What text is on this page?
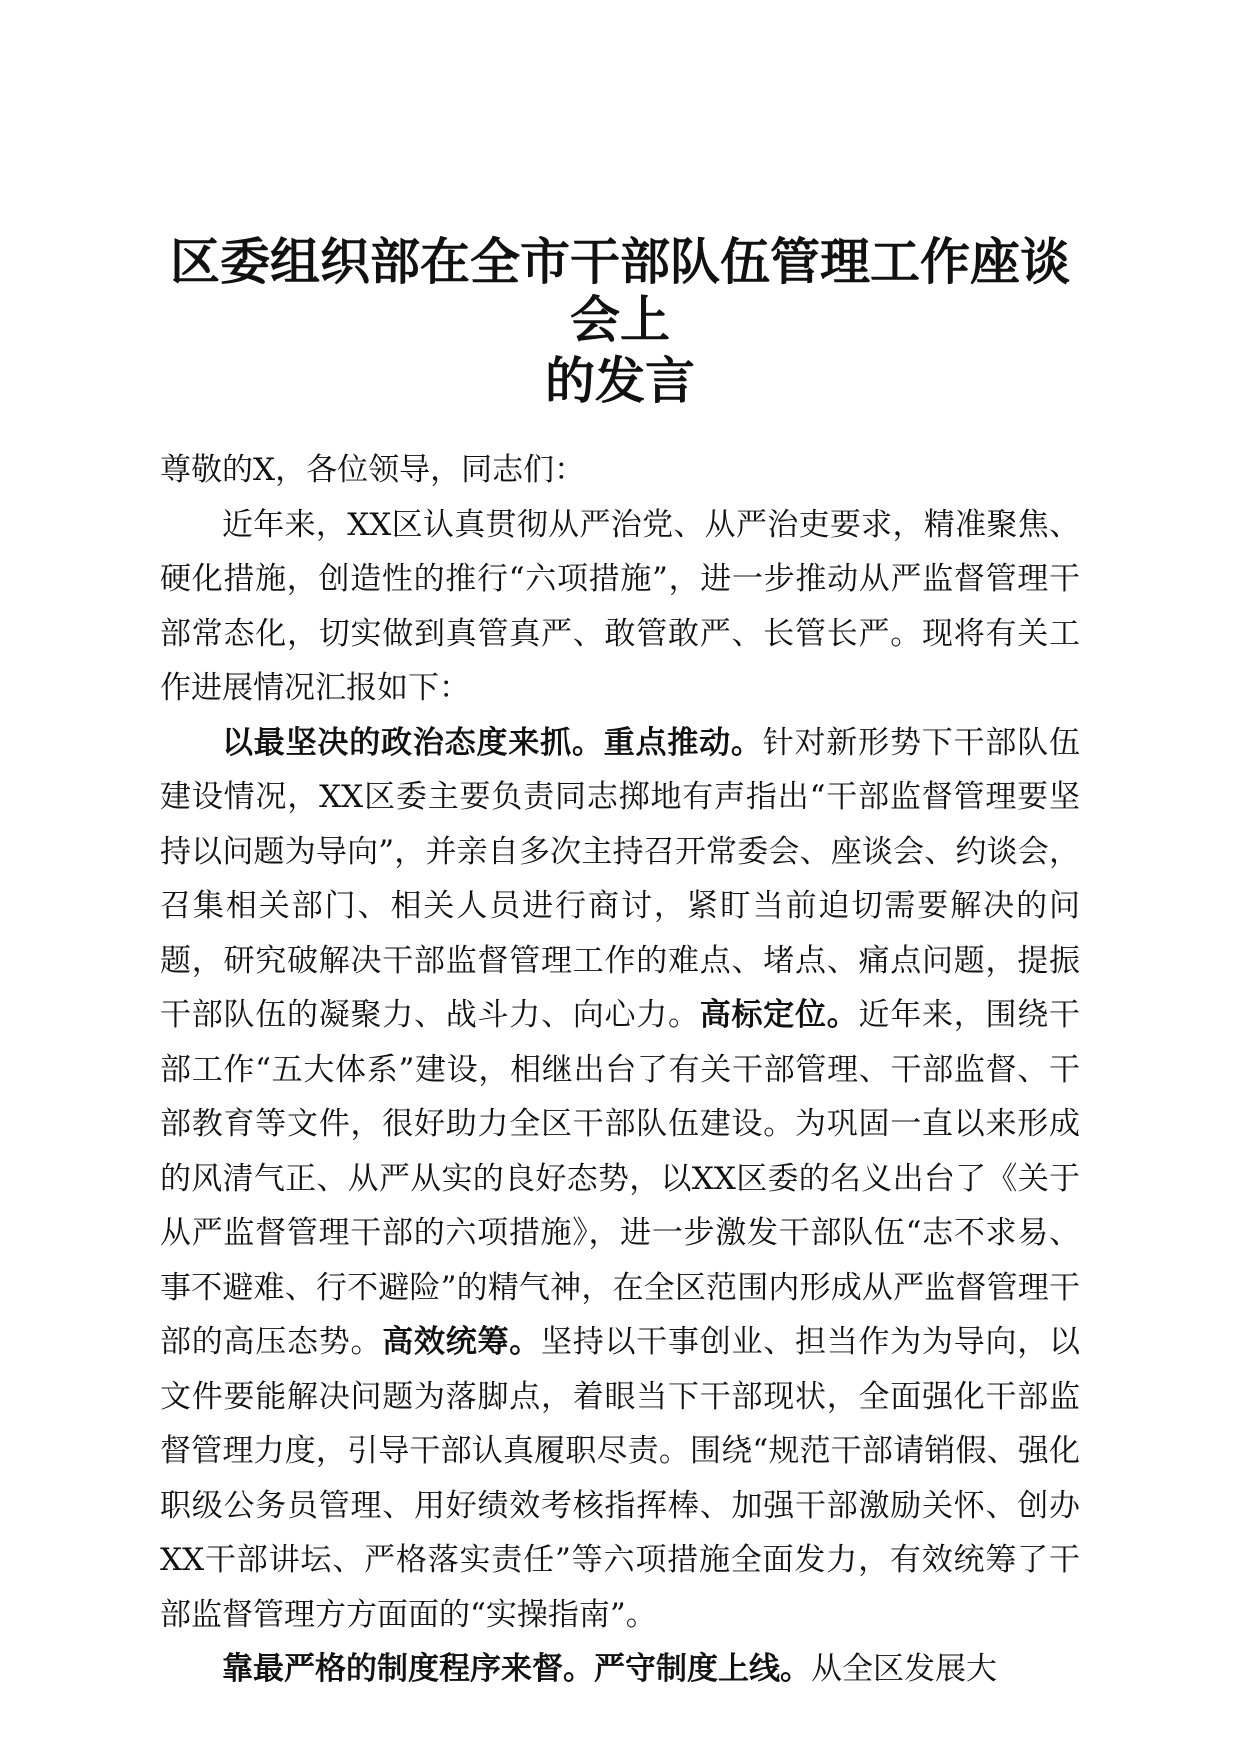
区委组织部在全市干部队伍管理工作座谈会上
的发言

尊敬的X，各位领导，同志们：

近年来，XX区认真贯彻从严治党、从严治吏要求，精准聚焦、硬化措施，创造性的推行“六项措施”，进一步推动从严监督管理干部常态化，切实做到真管真严、敢管敢严、长管长严。现将有关工作进展情况汇报如下：

以最坚决的政治态度来抓。重点推动。针对新形势下干部队伍建设情况，XX区委主要负责同志掷地有声指出“干部监督管理要坚持以问题为导向”，并亲自多次主持召开常委会、座谈会、约谈会，召集相关部门、相关人员进行商讨，紧盯当前迫切需要解决的问题，研究破解决干部监督管理工作的难点、堵点、痛点问题，提振干部队伍的凝聚力、战斗力、向心力。高标定位。近年来，围绕干部工作“五大体系”建设，相继出台了有关干部管理、干部监督、干部教育等文件，很好助力全区干部队伍建设。为巩固一直以来形成的风清气正、从严从实的良好态势，以XX区委的名义出台了《关于从严监督管理干部的六项措施》，进一步激发干部队伍“志不求易、事不避难、行不避险”的精气神，在全区范围内形成从严监督管理干部的高压态势。高效统筹。坚持以干事创业、担当作为为导向，以文件要能解决问题为落脚点，着眼当下干部现状，全面强化干部监督管理力度，引导干部认真履职尽责。围绕“规范干部请销假、强化职级公务员管理、用好绩效考核指挥棒、加强干部激励关怀、创办XX干部讲坛、严格落实责任”等六项措施全面发力，有效统筹了干部监督管理方方面面的“实操指南”。

靠最严格的制度程序来督。严守制度上线。从全区发展大
